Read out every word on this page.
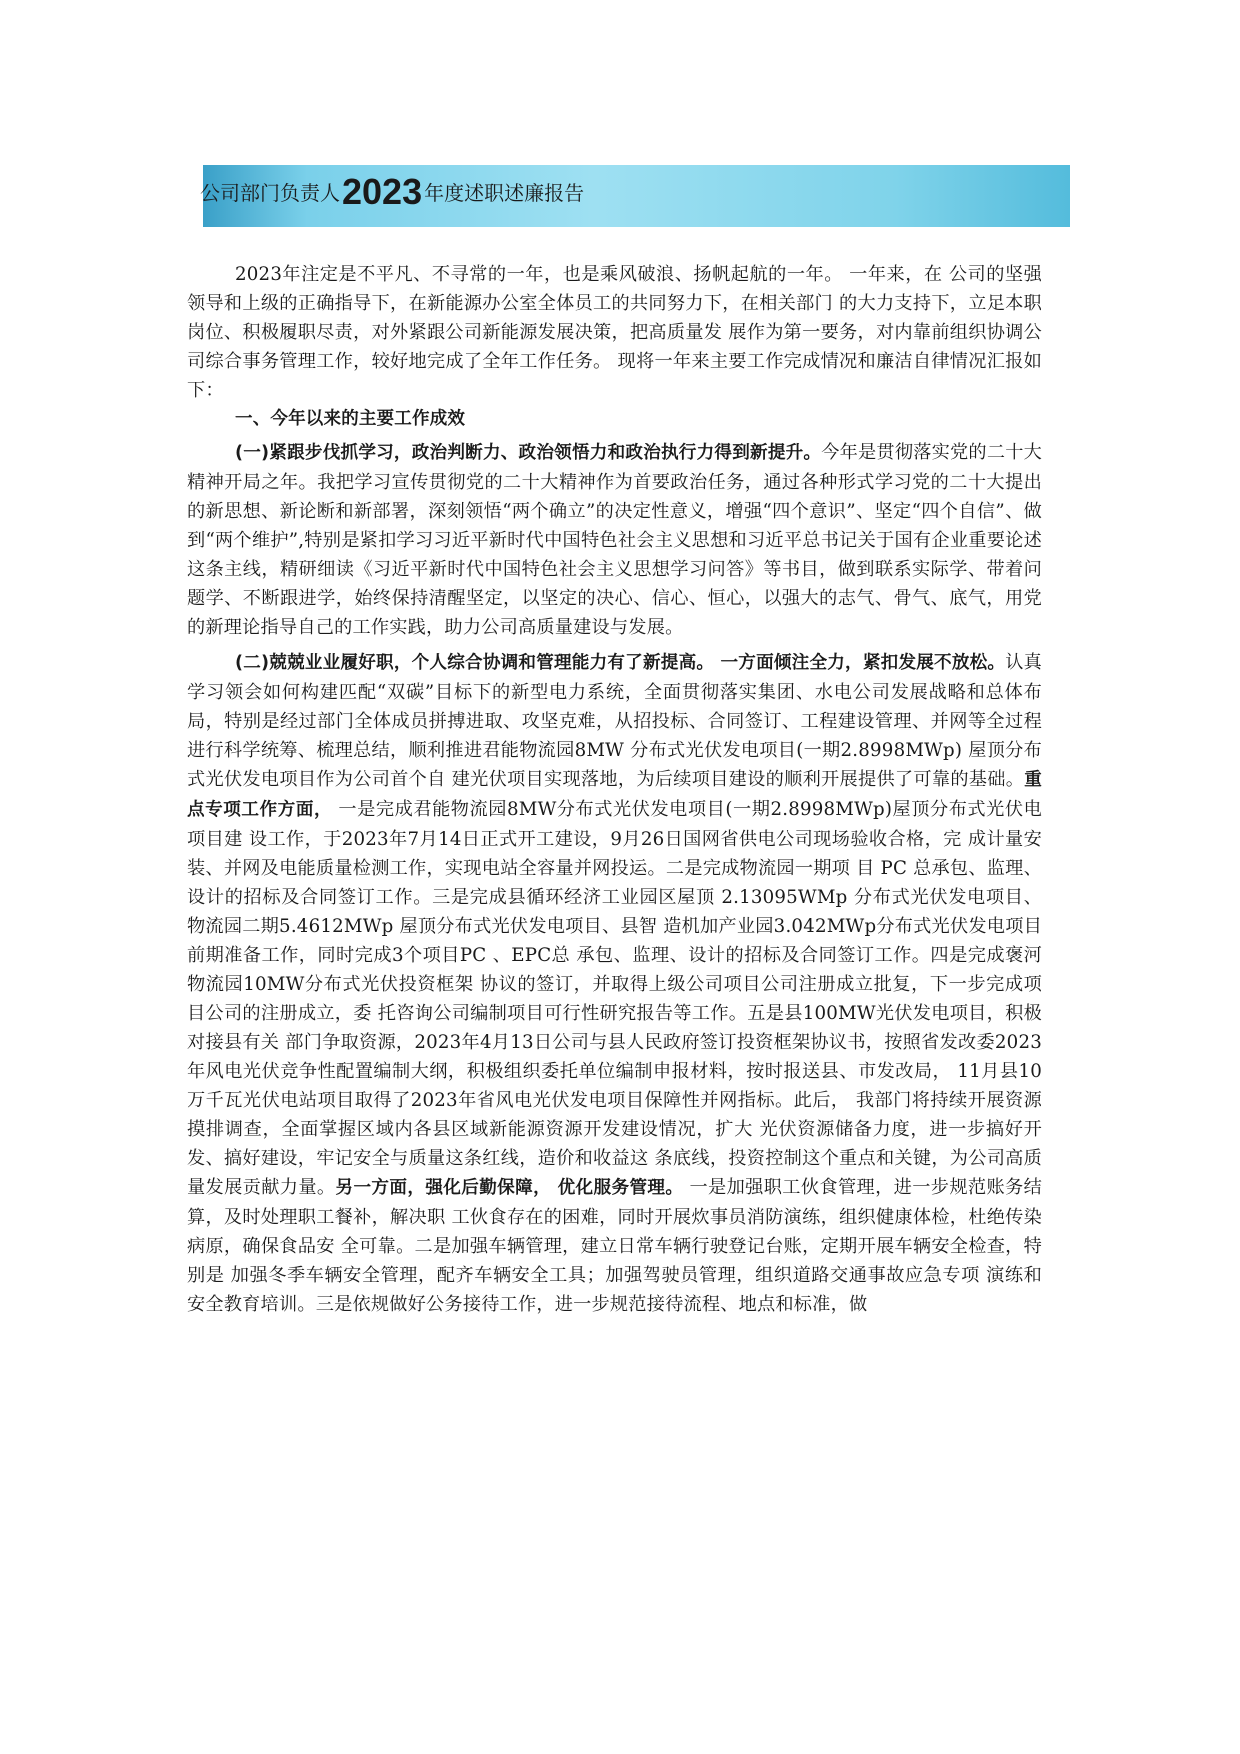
公司部门负责人2023 年度述职述廉报告

2023年注定是不平凡、不寻常的一年，也是乘风破浪、扬帆起航的一年。 一年来，在 公司的坚强领导和上级的正确指导下，在新能源办公室全体员工的共同努力下，在相关部门 的大力支持下，立足本职岗位、积极履职尽责，对外紧跟公司新能源发展决策，把高质量发 展作为第一要务，对内靠前组织协调公司综合事务管理工作，较好地完成了全年工作任务。 现将一年来主要工作完成情况和廉洁自律情况汇报如下：

一、今年以来的主要工作成效

(一)紧跟步伐抓学习，政治判断力、政治领悟力和政治执行力得到新提升。今年是贯彻落实党的二十大精神开局之年。我把学习宣传贯彻党的二十大精神作为首要政治任务，通过各种形式学习党的二十大提出的新思想、新论断和新部署，深刻领悟“两个确立”的决定性意义，增强“四个意识”、坚定“四个自信”、做到“两个维护”,特别是紧扣学习习近平新时代中国特色社会主义思想和习近平总书记关于国有企业重要论述这条主线，精研细读《习近平新时代中国特色社会主义思想学习问答》等书目，做到联系实际学、带着问题学、不断跟进学，始终保持清醒坚定，以坚定的决心、信心、恒心，以强大的志气、骨气、底气，用党的新理论指导自己的工作实践，助力公司高质量建设与发展。

(二)兢兢业业履好职，个人综合协调和管理能力有了新提高。 一方面倾注全力，紧扣发展不放松。认真学习领会如何构建匹配“双碳”目标下的新型电力系统，全面贯彻落实集团、水电公司发展战略和总体布局，特别是经过部门全体成员拼搏进取、攻坚克难，从招投标、合同签订、工程建设管理、并网等全过程进行科学统筹、梳理总结，顺利推进君能物流园8MW 分布式光伏发电项目(一期2.8998MWp) 屋顶分布式光伏发电项目作为公司首个自 建光伏项目实现落地，为后续项目建设的顺利开展提供了可靠的基础。重点专项工作方面， 一是完成君能物流园8MW分布式光伏发电项目(一期2.8998MWp)屋顶分布式光伏电项目建 设工作，于2023年7月14日正式开工建设，9月26日国网省供电公司现场验收合格，完 成计量安装、并网及电能质量检测工作，实现电站全容量并网投运。二是完成物流园一期项 目 PC 总承包、监理、设计的招标及合同签订工作。三是完成县循环经济工业园区屋顶 2.13095WMp 分布式光伏发电项目、物流园二期5.4612MWp 屋顶分布式光伏发电项目、县智 造机加产业园3.042MWp分布式光伏发电项目前期准备工作，同时完成3个项目PC 、EPC总 承包、监理、设计的招标及合同签订工作。四是完成褒河物流园10MW分布式光伏投资框架 协议的签订，并取得上级公司项目公司注册成立批复，下一步完成项目公司的注册成立，委 托咨询公司编制项目可行性研究报告等工作。五是县100MW光伏发电项目，积极对接县有关 部门争取资源，2023年4月13日公司与县人民政府签订投资框架协议书，按照省发改委2023 年风电光伏竞争性配置编制大纲，积极组织委托单位编制申报材料，按时报送县、市发改局， 11月县10万千瓦光伏电站项目取得了2023年省风电光伏发电项目保障性并网指标。此后， 我部门将持续开展资源摸排调查，全面掌握区域内各县区域新能源资源开发建设情况，扩大 光伏资源储备力度，进一步搞好开发、搞好建设，牢记安全与质量这条红线，造价和收益这 条底线，投资控制这个重点和关键，为公司高质量发展贡献力量。另一方面，强化后勤保障， 优化服务管理。 一是加强职工伙食管理，进一步规范账务结算，及时处理职工餐补，解决职 工伙食存在的困难，同时开展炊事员消防演练，组织健康体检，杜绝传染病原，确保食品安 全可靠。二是加强车辆管理，建立日常车辆行驶登记台账，定期开展车辆安全检查，特别是 加强冬季车辆安全管理，配齐车辆安全工具；加强驾驶员管理，组织道路交通事故应急专项 演练和安全教育培训。三是依规做好公务接待工作，进一步规范接待流程、地点和标准，做
